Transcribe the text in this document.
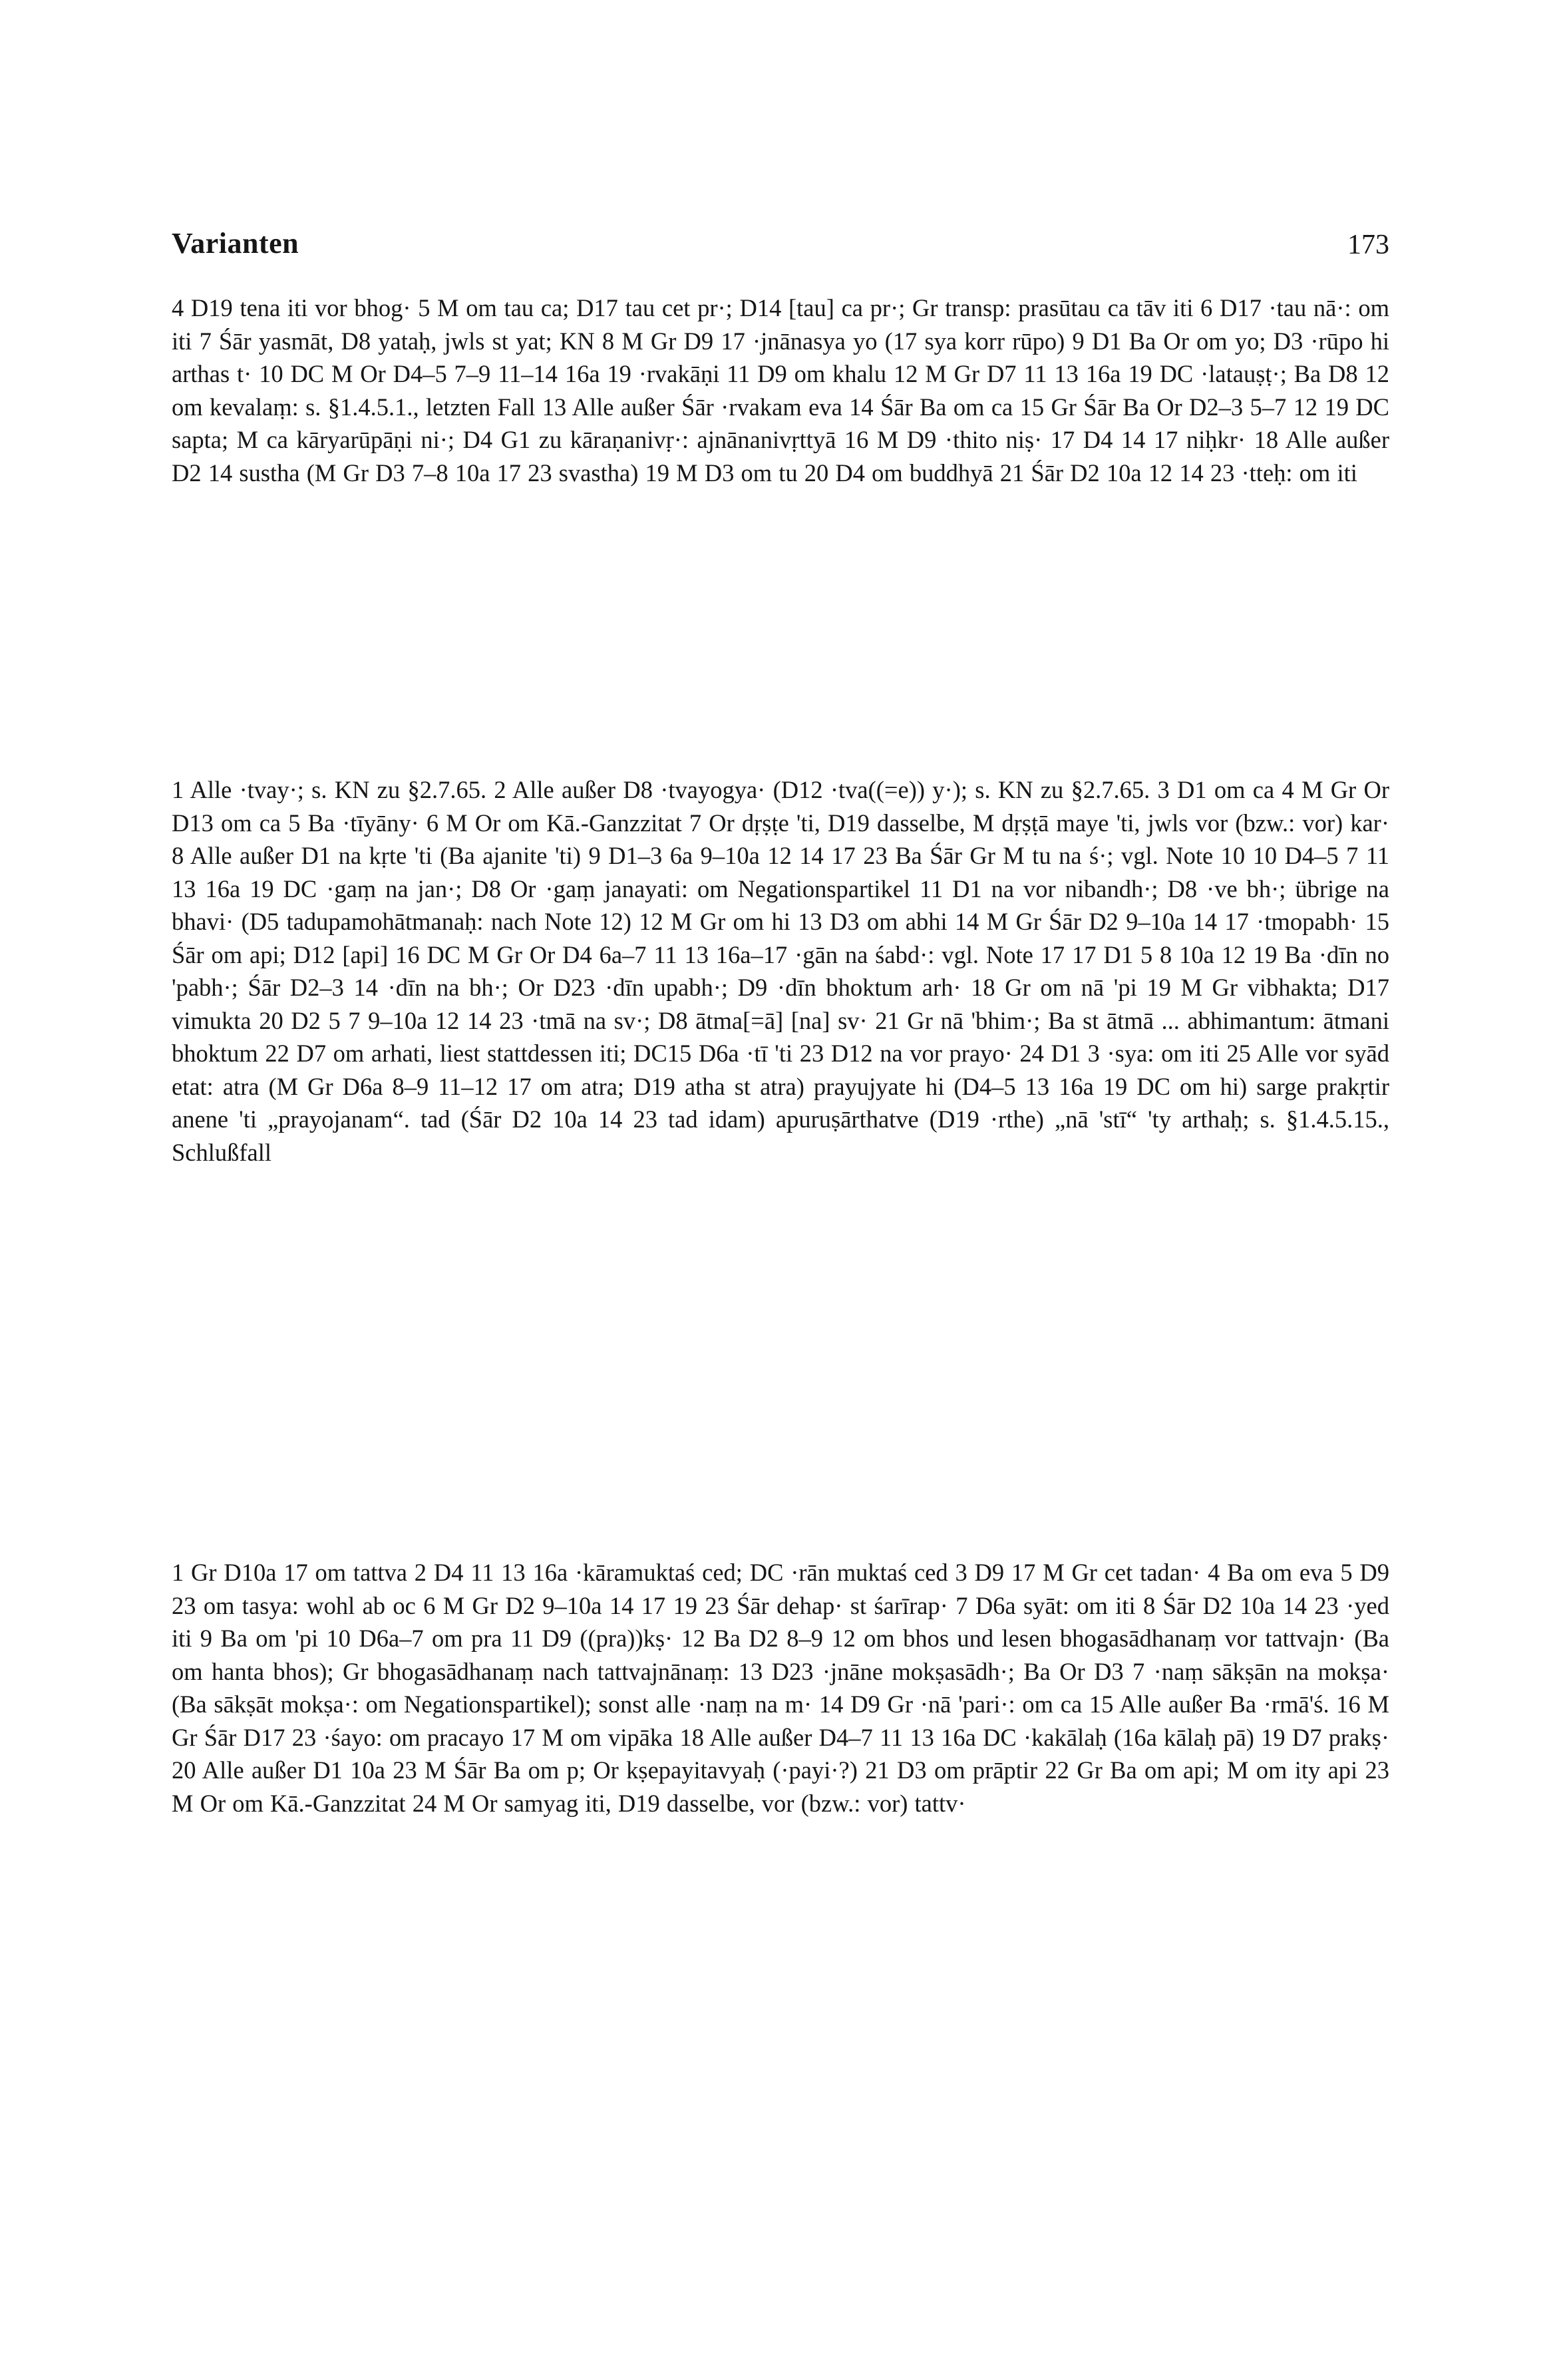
Varianten	173

4 D19 tena iti vor bhog· 5 M om tau ca; D17 tau cet pr·; D14 [tau] ca pr·; Gr transp: prasūtau ca tāv iti 6 D17 ·tau nā·: om iti 7 Śār yasmāt, D8 yataḥ, jwls st yat; KN 8 M Gr D9 17 ·jnānasya yo (17 sya korr rūpo) 9 D1 Ba Or om yo; D3 ·rūpo hi arthas t· 10 DC M Or D4–5 7–9 11–14 16a 19 ·rvakāṇi 11 D9 om khalu 12 M Gr D7 11 13 16a 19 DC ·latauṣṭ·; Ba D8 12 om kevalaṃ: s. §1.4.5.1., letzten Fall 13 Alle außer Śār ·rvakam eva 14 Śār Ba om ca 15 Gr Śār Ba Or D2–3 5–7 12 19 DC sapta; M ca kāryarūpāṇi ni·; D4 G1 zu kāraṇanivṛ·: ajnānanivṛttyā 16 M D9 ·thito niṣ· 17 D4 14 17 niḥkr· 18 Alle außer D2 14 susthа (M Gr D3 7–8 10a 17 23 svastha) 19 M D3 om tu 20 D4 om buddhyā 21 Śār D2 10a 12 14 23 ·tteḥ: om iti

1 Alle ·tvay·; s. KN zu §2.7.65. 2 Alle außer D8 ·tvayogya· (D12 ·tva((=e)) y·); s. KN zu §2.7.65. 3 D1 om ca 4 M Gr Or D13 om ca 5 Ba ·tīyāny· 6 M Or om Kā.-Ganzzitat 7 Or dṛṣṭe 'ti, D19 dasselbe, M dṛṣṭā maye 'ti, jwls vor (bzw.: vor) kar· 8 Alle außer D1 na kṛte 'ti (Ba ajanite 'ti) 9 D1–3 6a 9–10a 12 14 17 23 Ba Śār Gr M tu na ś·; vgl. Note 10 10 D4–5 7 11 13 16a 19 DC ·gaṃ na jan·; D8 Or ·gaṃ janayati: om Negationspartikel 11 D1 na vor nibandh·; D8 ·ve bh·; übrige na bhavi· (D5 tadupamohātmanaḥ: nach Note 12) 12 M Gr om hi 13 D3 om abhi 14 M Gr Śār D2 9–10a 14 17 ·tmopabh· 15 Śār om api; D12 [api] 16 DC M Gr Or D4 6a–7 11 13 16a–17 ·gān na śabd·: vgl. Note 17 17 D1 5 8 10a 12 19 Ba ·dīn no 'pabh·; Śār D2–3 14 ·dīn na bh·; Or D23 ·dīn upabh·; D9 ·dīn bhoktum arh· 18 Gr om nā 'pi 19 M Gr vibhakta; D17 vimukta 20 D2 5 7 9–10a 12 14 23 ·tmā na sv·; D8 ātma[=ā] [na] sv· 21 Gr nā 'bhim·; Ba st ātmā ... abhimantum: ātmani bhoktum 22 D7 om arhati, liest stattdessen iti; DC15 D6a ·tī 'ti 23 D12 na vor prayo· 24 D1 3 ·sya: om iti 25 Alle vor syād etat: atra (M Gr D6a 8–9 11–12 17 om atra; D19 atha st atra) prayujyate hi (D4–5 13 16a 19 DC om hi) sarge prakṛtir anene 'ti „prayojanam“. tad (Śār D2 10a 14 23 tad idam) apuruṣārthatve (D19 ·rthe) „nā 'stī“ 'ty arthaḥ; s. §1.4.5.15., Schlußfall

1 Gr D10a 17 om tattva 2 D4 11 13 16a ·kāramuktaś ced; DC ·rān muktaś ced 3 D9 17 M Gr cet tadan· 4 Ba om eva 5 D9 23 om tasya: wohl ab oc 6 M Gr D2 9–10a 14 17 19 23 Śār dehap· st śarīrap· 7 D6a syāt: om iti 8 Śār D2 10a 14 23 ·yed iti 9 Ba om 'pi 10 D6a–7 om pra 11 D9 ((pra))kṣ· 12 Ba D2 8–9 12 om bhos und lesen bhogasādhanaṃ vor tattvajn· (Ba om hanta bhos); Gr bhogasādhanaṃ nach tattvajnānaṃ: 13 D23 ·jnāne mokṣasādh·; Ba Or D3 7 ·naṃ sākṣān na mokṣa· (Ba sākṣāt mokṣa·: om Negationspartikel); sonst alle ·naṃ na m· 14 D9 Gr ·nā 'pari·: om ca 15 Alle außer Ba ·rmā'ś. 16 M Gr Śār D17 23 ·śayo: om pracayo 17 M om vipāka 18 Alle außer D4–7 11 13 16a DC ·kakālaḥ (16a kālaḥ pā) 19 D7 prakṣ· 20 Alle außer D1 10a 23 M Śār Ba om p; Or kṣepayitavyaḥ (·payi·?) 21 D3 om prāptir 22 Gr Ba om api; M om ity api 23 M Or om Kā.-Ganzzitat 24 M Or samyag iti, D19 dasselbe, vor (bzw.: vor) tattv·
